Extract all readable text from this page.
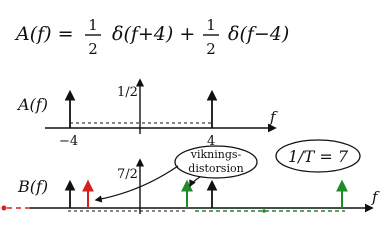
A(f) = 1
2
δ(f+4) + 1
2
δ(f−4)
A(f)
f
1/2
−4	4
B(f)
f
7/2
viknings-
distorsion
1/T = 7
